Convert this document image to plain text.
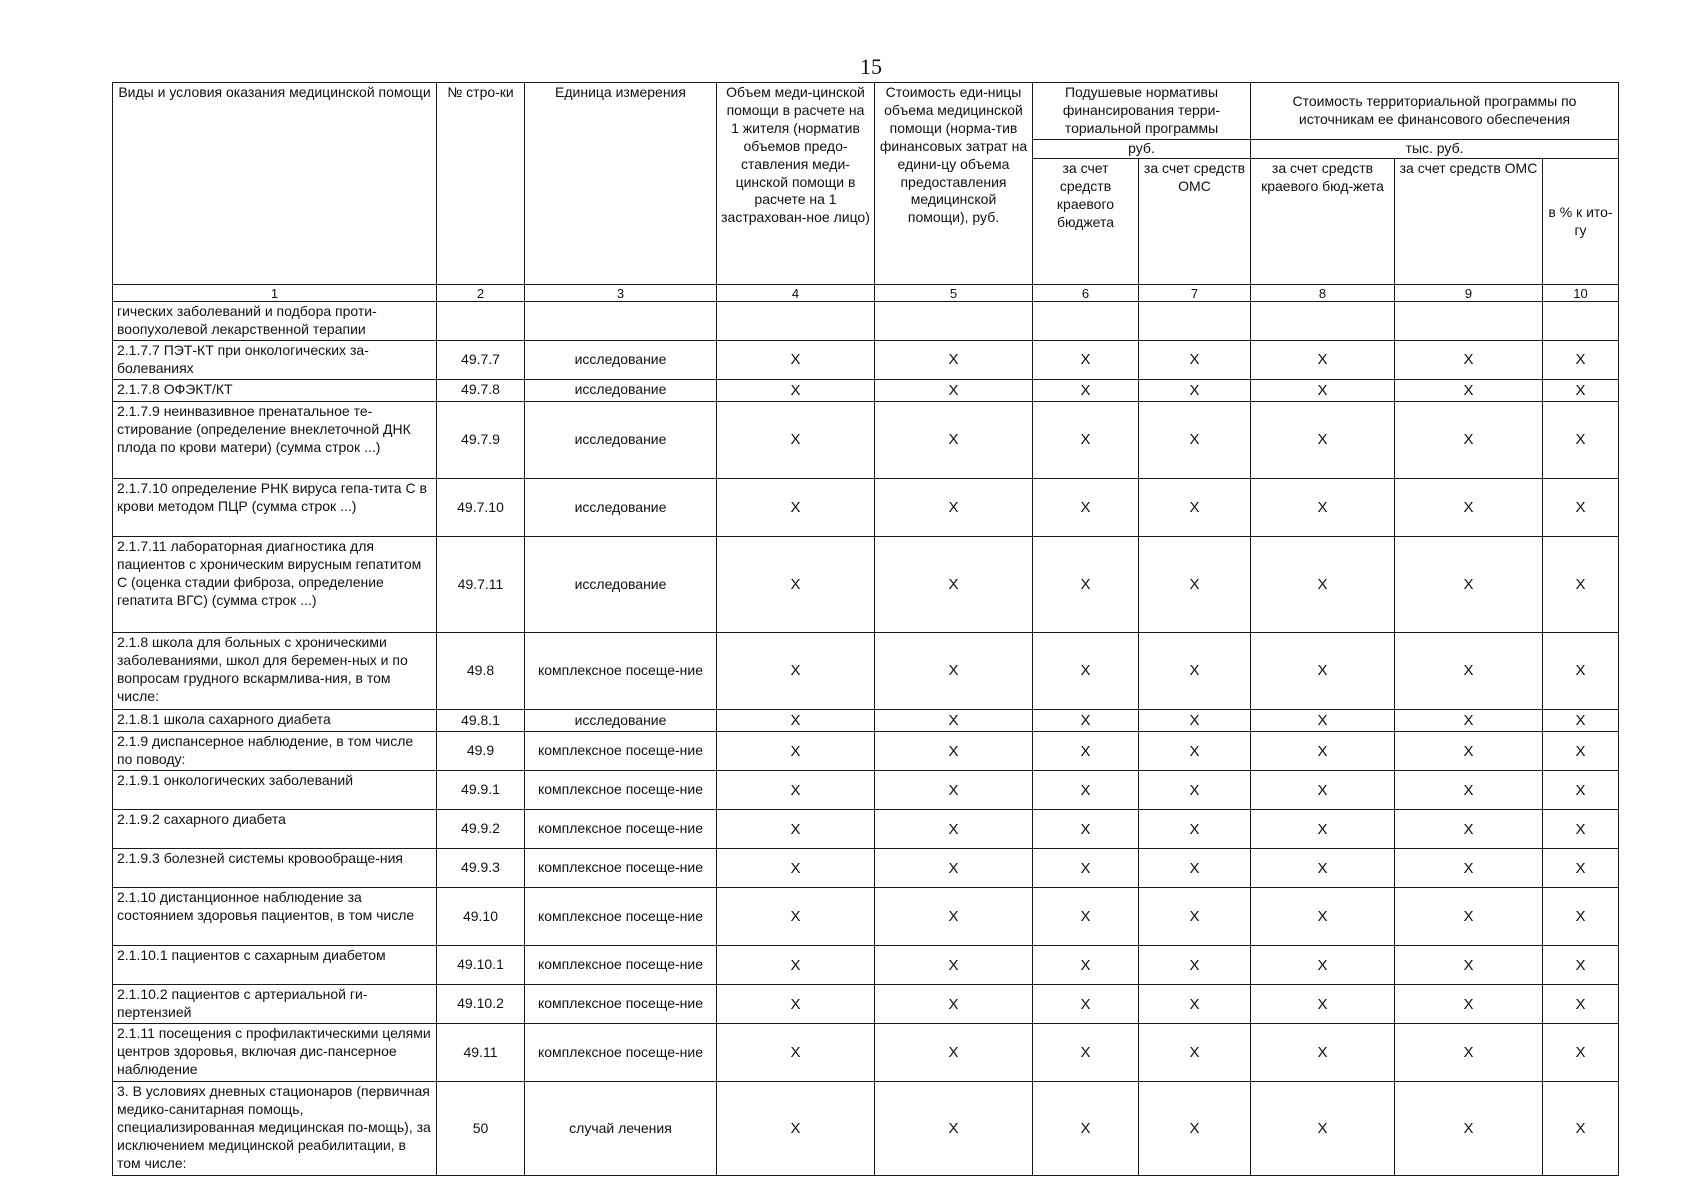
15
Виды и условия оказания медицинской помощи	№ стро-ки	Единица измерения	Объем меди-цинской помощи в расчете на 1 жителя (норматив объемов предо-ставления меди-цинской помощи в расчете на 1 застрахован-ное лицо)	Стоимость еди-ницы объема медицинской помощи (норма-тив финансовых затрат на едини-цу объема предоставления медицинской помощи), руб.	Подушевые нормативы финансирования терри-ториальной программы		Стоимость территориальной программы по источникам ее финансового обеспечения		
					руб.		тыс. руб.		
					за счет средств краевого бюджета	за счет средств ОМС	за счет средств краевого бюд-жета	за счет средств ОМС	в % к ито-гу
1	2	3	4	5	6	7	8	9	10
гических заболеваний и подбора проти-воопухолевой лекарственной терапии									
2.1.7.7 ПЭТ-КТ при онкологических за-болеваниях	49.7.7	исследование	X	X	X	X	X	X	X
2.1.7.8 ОФЭКТ/КТ	49.7.8	исследование	X	X	X	X	X	X	X
2.1.7.9 неинвазивное пренатальное те-стирование (определение внеклеточной ДНК плода по крови матери) (сумма строк ...)	49.7.9	исследование	X	X	X	X	X	X	X
2.1.7.10 определение РНК вируса гепа-тита С в крови методом ПЦР (сумма строк ...)	49.7.10	исследование	X	X	X	X	X	X	X
2.1.7.11 лабораторная диагностика для пациентов с хроническим вирусным гепатитом С (оценка стадии фиброза, определение гепатита ВГС) (сумма строк ...)	49.7.11	исследование	X	X	X	X	X	X	X
2.1.8 школа для больных с хроническими заболеваниями, школ для беремен-ных и по вопросам грудного вскармлива-ния, в том числе:	49.8	комплексное посеще-ние	X	X	X	X	X	X	X
2.1.8.1 школа сахарного диабета	49.8.1	исследование	X	X	X	X	X	X	X
2.1.9 диспансерное наблюдение, в том числе по поводу:	49.9	комплексное посеще-ние	X	X	X	X	X	X	X
2.1.9.1 онкологических заболеваний	49.9.1	комплексное посеще-ние	X	X	X	X	X	X	X
2.1.9.2 сахарного диабета	49.9.2	комплексное посеще-ние	X	X	X	X	X	X	X
2.1.9.3 болезней системы кровообраще-ния	49.9.3	комплексное посеще-ние	X	X	X	X	X	X	X
2.1.10 дистанционное наблюдение за состоянием здоровья пациентов, в том числе	49.10	комплексное посеще-ние	X	X	X	X	X	X	X
2.1.10.1 пациентов с сахарным диабетом	49.10.1	комплексное посеще-ние	X	X	X	X	X	X	X
2.1.10.2 пациентов с артериальной ги-пертензией	49.10.2	комплексное посеще-ние	X	X	X	X	X	X	X
2.1.11 посещения с профилактическими целями центров здоровья, включая дис-пансерное наблюдение	49.11	комплексное посеще-ние	X	X	X	X	X	X	X
3. В условиях дневных стационаров (первичная медико-санитарная помощь, специализированная медицинская по-мощь), за исключением медицинской реабилитации, в том числе:	50	случай лечения	X	X	X	X	X	X	X
